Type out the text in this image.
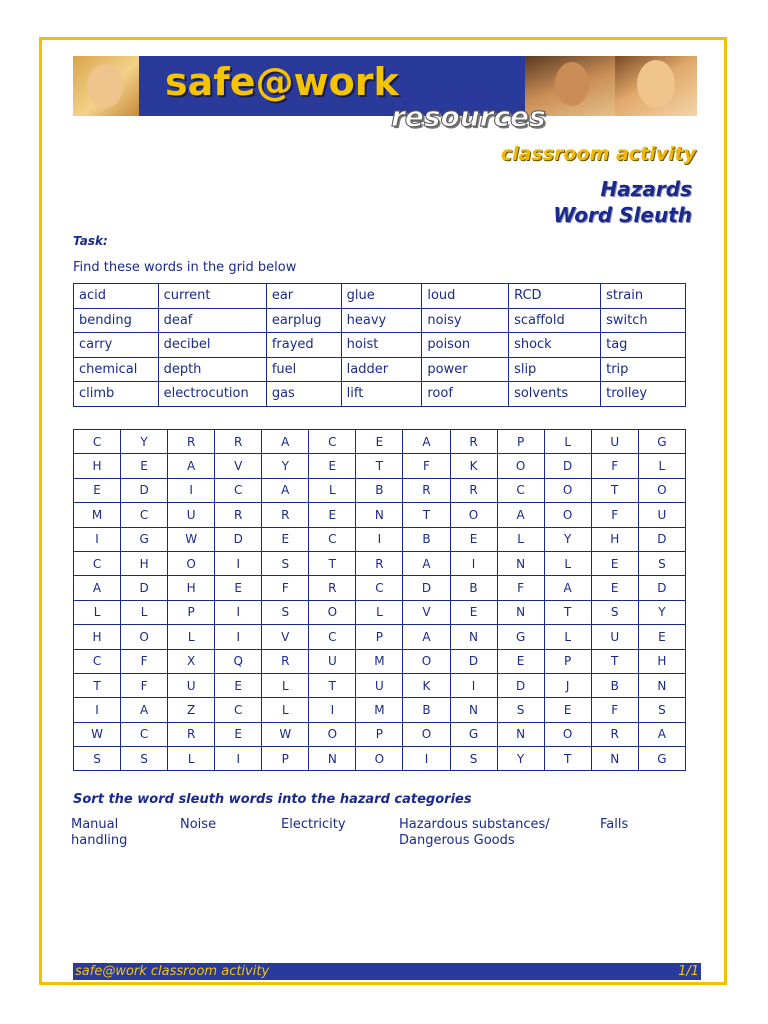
safe@work
resources
classroom activity
Hazards
Word Sleuth
Task:
Find these words in the grid below
acid	current	ear	glue	loud	RCD	strain
bending	deaf	earplug	heavy	noisy	scaffold	switch
carry	decibel	frayed	hoist	poison	shock	tag
chemical	depth	fuel	ladder	power	slip	trip
climb	electrocution	gas	lift	roof	solvents	trolley
C	Y	R	R	A	C	E	A	R	P	L	U	G
H	E	A	V	Y	E	T	F	K	O	D	F	L
E	D	I	C	A	L	B	R	R	C	O	T	O
M	C	U	R	R	E	N	T	O	A	O	F	U
I	G	W	D	E	C	I	B	E	L	Y	H	D
C	H	O	I	S	T	R	A	I	N	L	E	S
A	D	H	E	F	R	C	D	B	F	A	E	D
L	L	P	I	S	O	L	V	E	N	T	S	Y
H	O	L	I	V	C	P	A	N	G	L	U	E
C	F	X	Q	R	U	M	O	D	E	P	T	H
T	F	U	E	L	T	U	K	I	D	J	B	N
I	A	Z	C	L	I	M	B	N	S	E	F	S
W	C	R	E	W	O	P	O	G	N	O	R	A
S	S	L	I	P	N	O	I	S	Y	T	N	G
Sort the word sleuth words into the hazard categories
Manual
handling
Noise	Electricity	Hazardous substances/
Dangerous Goods
Falls
safe@work classroom activity	1/1
